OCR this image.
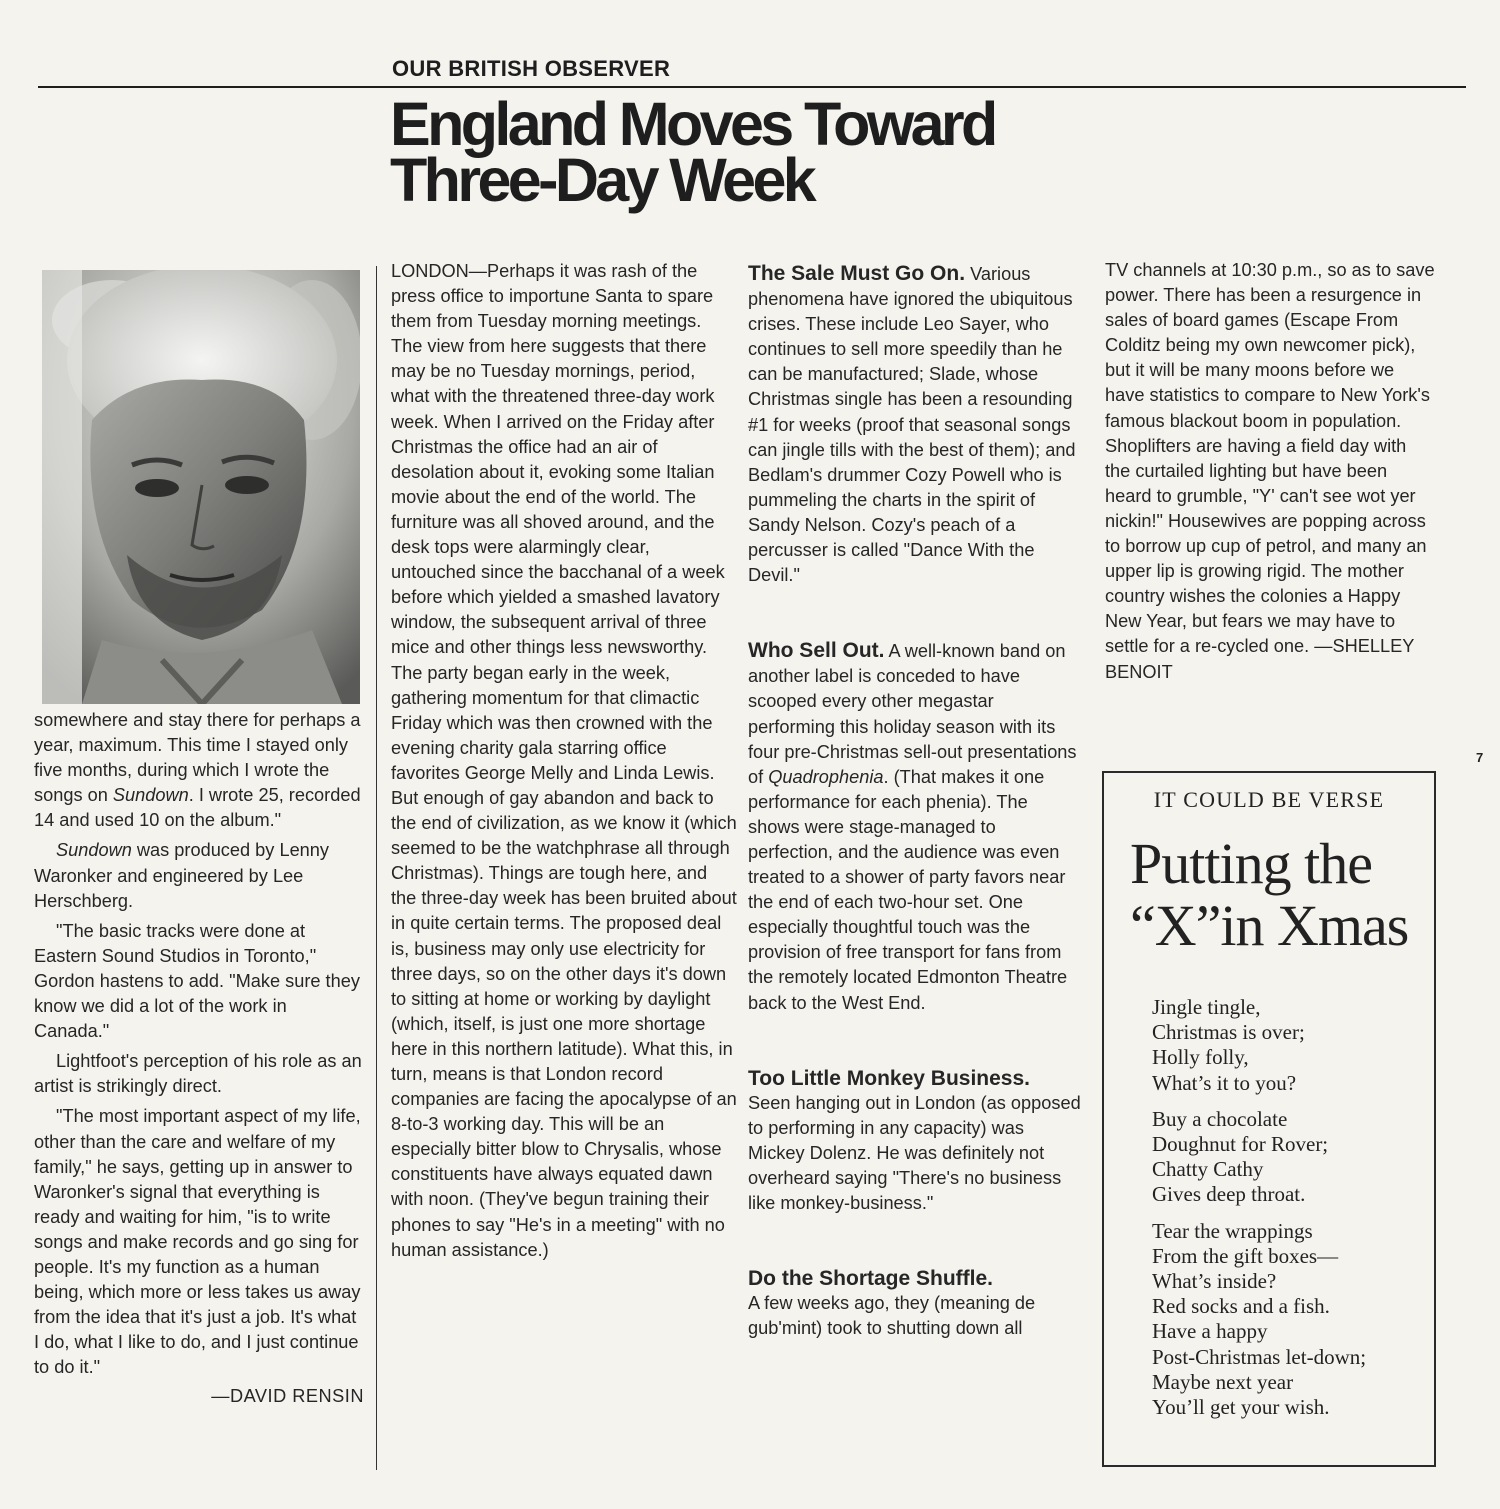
OUR BRITISH OBSERVER
England Moves Toward
Three-Day Week

somewhere and stay there for perhaps a year, maximum. This time I stayed only five months, during which I wrote the songs on Sundown. I wrote 25, recorded 14 and used 10 on the album."

Sundown was produced by Lenny Waronker and engineered by Lee Herschberg.

"The basic tracks were done at Eastern Sound Studios in Toronto," Gordon hastens to add. "Make sure they know we did a lot of the work in Canada."

Lightfoot's perception of his role as an artist is strikingly direct.

"The most important aspect of my life, other than the care and welfare of my family," he says, getting up in answer to Waronker's signal that everything is ready and waiting for him, "is to write songs and make records and go sing for people. It's my function as a human being, which more or less takes us away from the idea that it's just a job. It's what I do, what I like to do, and I just continue to do it."

—DAVID RENSIN

LONDON—Perhaps it was rash of the press office to importune Santa to spare them from Tuesday morning meetings. The view from here suggests that there may be no Tuesday mornings, period, what with the threatened three-day work week. When I arrived on the Friday after Christmas the office had an air of desolation about it, evoking some Italian movie about the end of the world. The furniture was all shoved around, and the desk tops were alarmingly clear, untouched since the bacchanal of a week before which yielded a smashed lavatory window, the subsequent arrival of three mice and other things less newsworthy. The party began early in the week, gathering momentum for that climactic Friday which was then crowned with the evening charity gala starring office favorites George Melly and Linda Lewis. But enough of gay abandon and back to the end of civilization, as we know it (which seemed to be the watchphrase all through Christmas). Things are tough here, and the three-day week has been bruited about in quite certain terms. The proposed deal is, business may only use electricity for three days, so on the other days it's down to sitting at home or working by daylight (which, itself, is just one more shortage here in this northern latitude). What this, in turn, means is that London record companies are facing the apocalypse of an 8-to-3 working day. This will be an especially bitter blow to Chrysalis, whose constituents have always equated dawn with noon. (They've begun training their phones to say "He's in a meeting" with no human assistance.)

The Sale Must Go On. Various phenomena have ignored the ubiquitous crises. These include Leo Sayer, who continues to sell more speedily than he can be manufactured; Slade, whose Christmas single has been a resounding #1 for weeks (proof that seasonal songs can jingle tills with the best of them); and Bedlam's drummer Cozy Powell who is pummeling the charts in the spirit of Sandy Nelson. Cozy's peach of a percusser is called "Dance With the Devil."

Who Sell Out. A well-known band on another label is conceded to have scooped every other megastar performing this holiday season with its four pre-Christmas sell-out presentations of Quadrophenia. (That makes it one performance for each phenia). The shows were stage-managed to perfection, and the audience was even treated to a shower of party favors near the end of each two-hour set. One especially thoughtful touch was the provision of free transport for fans from the remotely located Edmonton Theatre back to the West End.

Too Little Monkey Business.
Seen hanging out in London (as opposed to performing in any capacity) was Mickey Dolenz. He was definitely not overheard saying "There's no business like monkey-business."

Do the Shortage Shuffle.
A few weeks ago, they (meaning de gub'mint) took to shutting down all

TV channels at 10:30 p.m., so as to save power. There has been a resurgence in sales of board games (Escape From Colditz being my own newcomer pick), but it will be many moons before we have statistics to compare to New York's famous blackout boom in population. Shoplifters are having a field day with the curtailed lighting but have been heard to grumble, "Y' can't see wot yer nickin!" Housewives are popping across to borrow up cup of petrol, and many an upper lip is growing rigid. The mother country wishes the colonies a Happy New Year, but fears we may have to settle for a re-cycled one. —SHELLEY BENOIT

7
IT COULD BE VERSE
Putting the
“X”in Xmas
Jingle tingle,
Christmas is over;
Holly folly,
What’s it to you?
Buy a chocolate
Doughnut for Rover;
Chatty Cathy
Gives deep throat.
Tear the wrappings
From the gift boxes—
What’s inside?
Red socks and a fish.
Have a happy
Post-Christmas let-down;
Maybe next year
You’ll get your wish.
